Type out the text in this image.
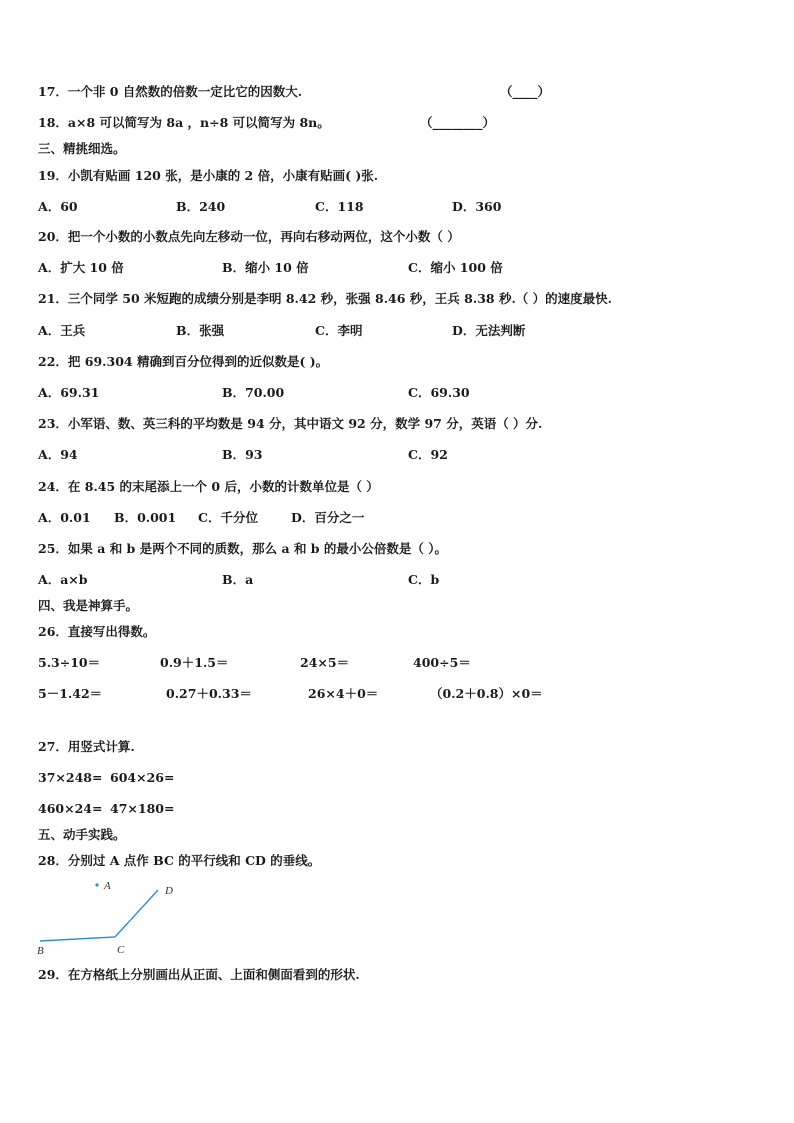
17．一个非 0 自然数的倍数一定比它的因数大.	（____）
18．a×8 可以简写为 8a ，n÷8 可以简写为 8n。	（________）
三、精挑细选。
19．小凯有贴画 120 张，是小康的 2 倍，小康有贴画( )张.
A．60	B．240	C．118	D．360
20．把一个小数的小数点先向左移动一位，再向右移动两位，这个小数（ ）
A．扩大 10 倍	B．缩小 10 倍	C．缩小 100 倍
21．三个同学 50 米短跑的成绩分别是李明 8.42 秒，张强 8.46 秒，王兵 8.38 秒.（ ）的速度最快.
A．王兵	B．张强	C．李明	D．无法判断
22．把 69.304 精确到百分位得到的近似数是( )。
A．69.31	B．70.00	C．69.30
23．小军语、数、英三科的平均数是 94 分，其中语文 92 分，数学 97 分，英语（ ）分.
A．94	B．93	C．92
24．在 8.45 的末尾添上一个 0 后，小数的计数单位是（ ）
A．0.01 B．0.001 C．千分位	D．百分之一
25．如果 a 和 b 是两个不同的质数，那么 a 和 b 的最小公倍数是（ ）。
A．a×b	B．a	C．b
四、我是神算手。
26．直接写出得数。
5.3÷10＝	0.9＋1.5＝	24×5＝	400÷5＝
5－1.42＝	0.27＋0.33＝	26×4＋0＝	（0.2＋0.8）×0＝
27．用竖式计算.
37×248= 604×26=
460×24= 47×180=
五、动手实践。
28．分别过 A 点作 BC 的平行线和 CD 的垂线。
A	D
B	C
29．在方格纸上分别画出从正面、上面和侧面看到的形状.
